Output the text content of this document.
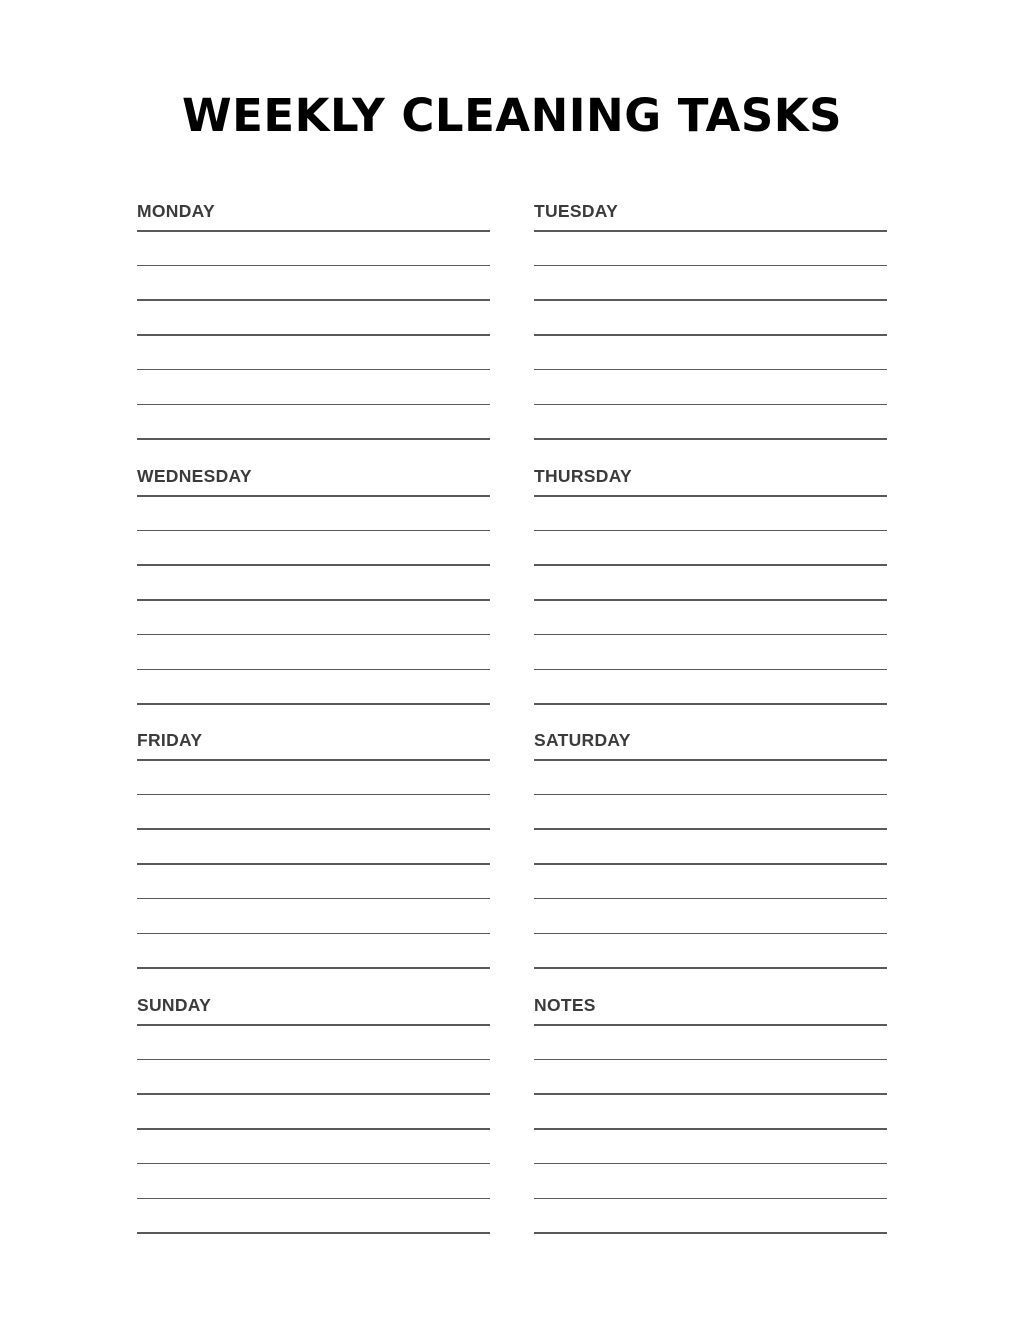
WEEKLY CLEANING TASKS
MONDAY	TUESDAY
WEDNESDAY	THURSDAY
FRIDAY	SATURDAY
SUNDAY	NOTES
